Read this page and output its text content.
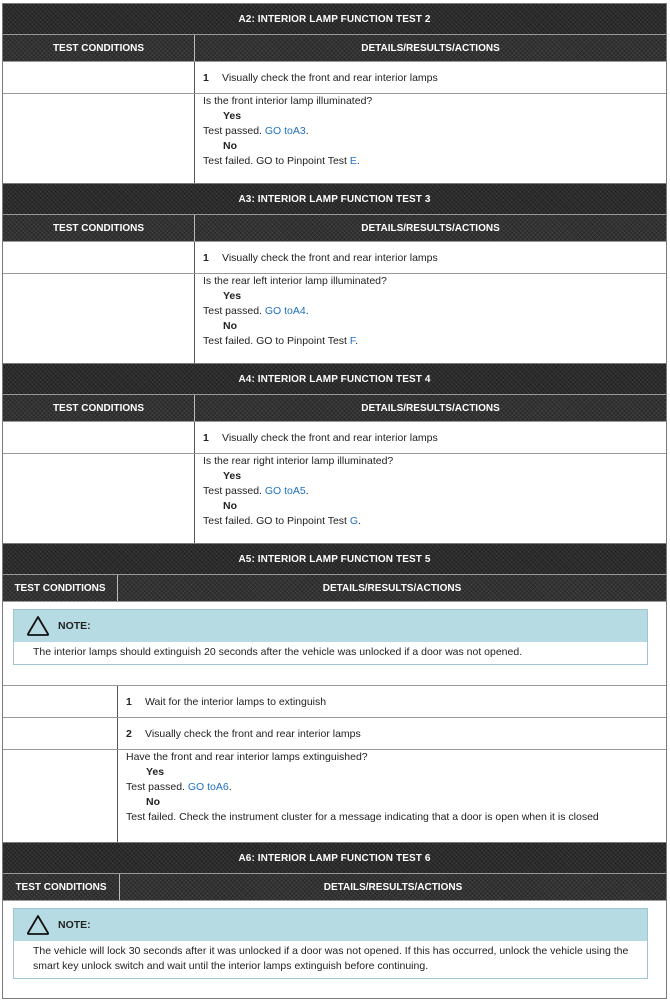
A2: INTERIOR LAMP FUNCTION TEST 2
TEST CONDITIONS	DETAILS/RESULTS/ACTIONS
1	Visually check the front and rear interior lamps
Is the front interior lamp illuminated?
Yes
Test passed. GO toA3.
No
Test failed. GO to Pinpoint Test E.
A3: INTERIOR LAMP FUNCTION TEST 3
TEST CONDITIONS	DETAILS/RESULTS/ACTIONS
1	Visually check the front and rear interior lamps
Is the rear left interior lamp illuminated?
Yes
Test passed. GO toA4.
No
Test failed. GO to Pinpoint Test F.
A4: INTERIOR LAMP FUNCTION TEST 4
TEST CONDITIONS	DETAILS/RESULTS/ACTIONS
1	Visually check the front and rear interior lamps
Is the rear right interior lamp illuminated?
Yes
Test passed. GO toA5.
No
Test failed. GO to Pinpoint Test G.
A5: INTERIOR LAMP FUNCTION TEST 5
TEST CONDITIONS	DETAILS/RESULTS/ACTIONS
NOTE:
The interior lamps should extinguish 20 seconds after the vehicle was unlocked if a door was not opened.
1	Wait for the interior lamps to extinguish
2	Visually check the front and rear interior lamps
Have the front and rear interior lamps extinguished?
Yes
Test passed. GO toA6.
No
Test failed. Check the instrument cluster for a message indicating that a door is open when it is closed
A6: INTERIOR LAMP FUNCTION TEST 6
TEST CONDITIONS	DETAILS/RESULTS/ACTIONS
NOTE:
The vehicle will lock 30 seconds after it was unlocked if a door was not opened. If this has occurred, unlock the vehicle using the smart key unlock switch and wait until the interior lamps extinguish before continuing.
